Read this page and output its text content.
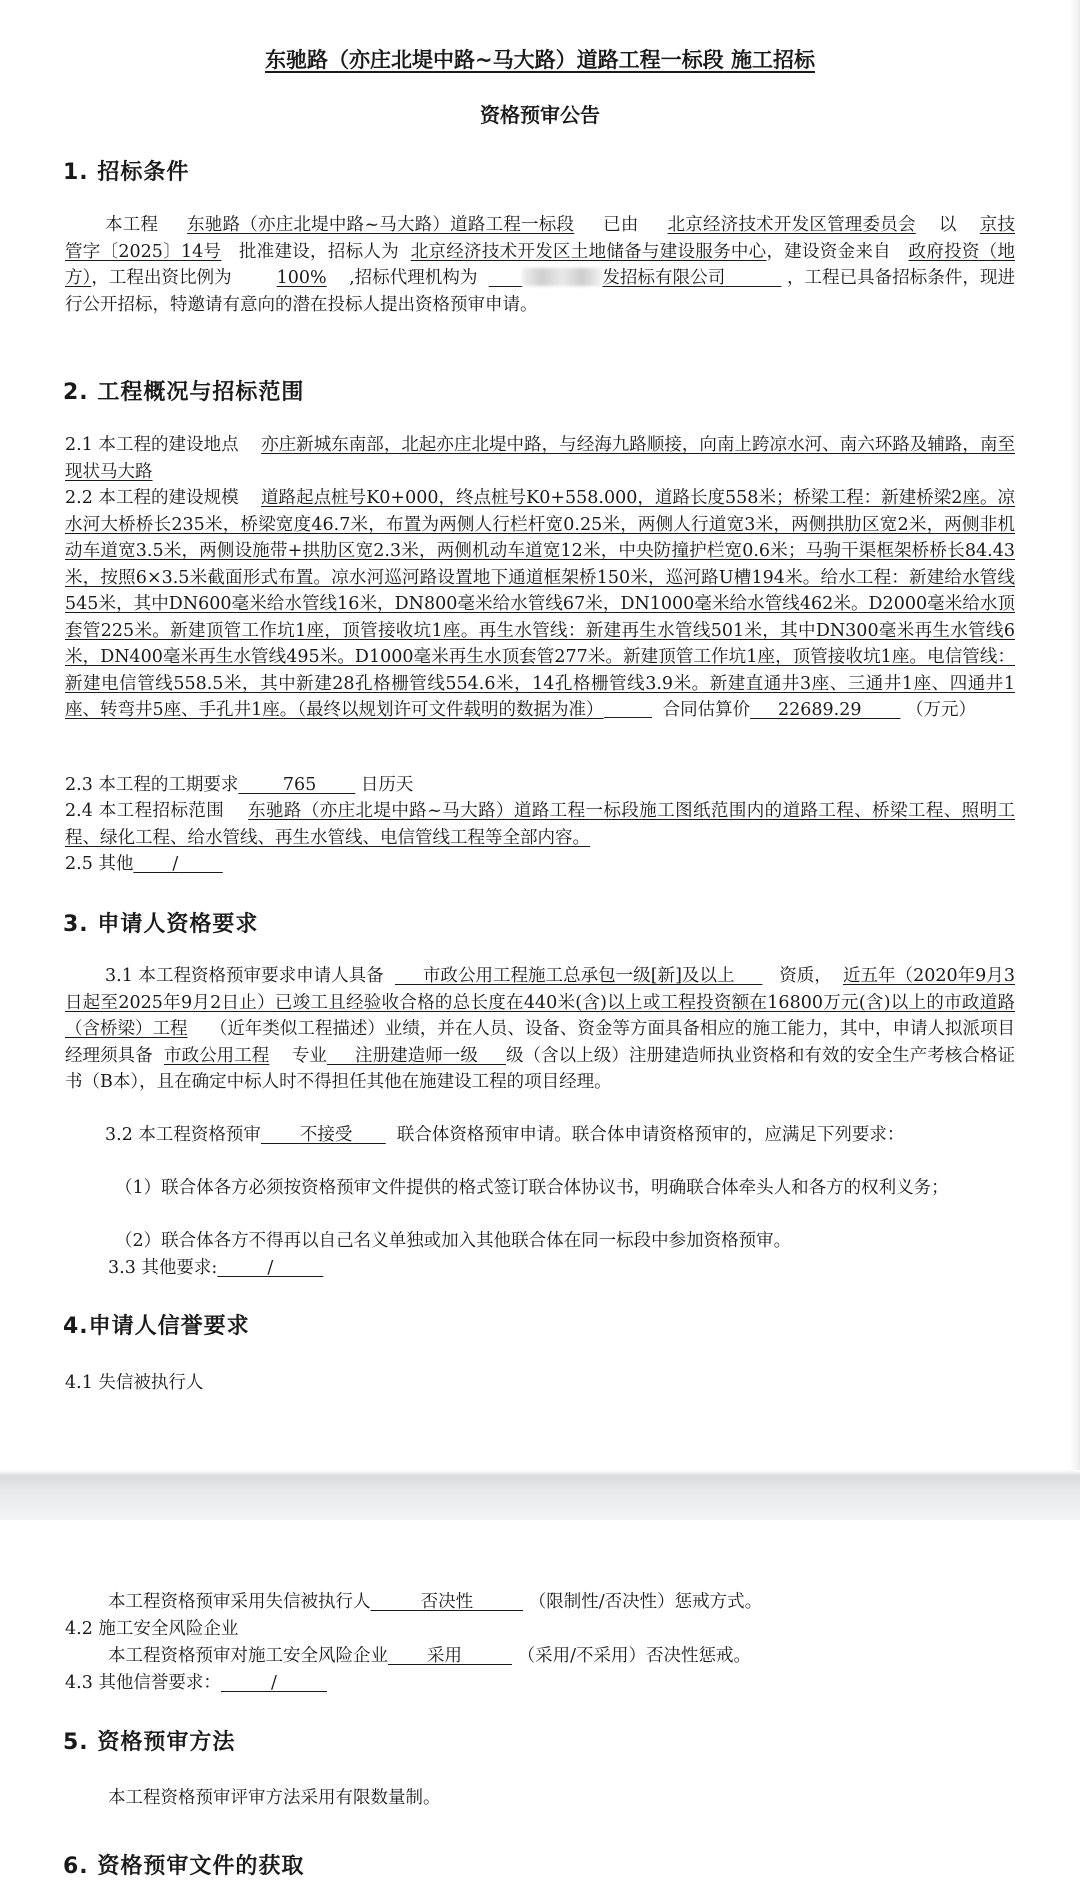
东驰路（亦庄北堤中路~马大路）道路工程一标段 施工招标
资格预审公告
1. 招标条件
本工程 东驰路（亦庄北堤中路~马大路）道路工程一标段 已由 北京经济技术开发区管理委员会 以 京技管字〔2025〕14号 批准建设，招标人为 北京经济技术开发区土地储备与建设服务中心，建设资金来自 政府投资（地方），工程出资比例为	100% ,招标代理机构为	发招标有限公司	，工程已具备招标条件，现进行公开招标，特邀请有意向的潜在投标人提出资格预审申请。
2. 工程概况与招标范围
2.1 本工程的建设地点 亦庄新城东南部，北起亦庄北堤中路，与经海九路顺接，向南上跨凉水河、南六环路及辅路，南至现状马大路
2.2 本工程的建设规模 道路起点桩号K0+000，终点桩号K0+558.000，道路长度558米；桥梁工程：新建桥梁2座。凉水河大桥桥长235米，桥梁宽度46.7米，布置为两侧人行栏杆宽0.25米，两侧人行道宽3米，两侧拱肋区宽2米，两侧非机动车道宽3.5米，两侧设施带+拱肋区宽2.3米，两侧机动车道宽12米，中央防撞护栏宽0.6米；马驹干渠框架桥桥长84.43米，按照6×3.5米截面形式布置。凉水河巡河路设置地下通道框架桥150米，巡河路U槽194米。给水工程：新建给水管线545米，其中DN600毫米给水管线16米，DN800毫米给水管线67米，DN1000毫米给水管线462米。D2000毫米给水顶套管225米。新建顶管工作坑1座，顶管接收坑1座。再生水管线：新建再生水管线501米，其中DN300毫米再生水管线6米，DN400毫米再生水管线495米。D1000毫米再生水顶套管277米。新建顶管工作坑1座，顶管接收坑1座。电信管线：新建电信管线558.5米，其中新建28孔格栅管线554.6米，14孔格栅管线3.9米。新建直通井3座、三通井1座、四通井1座、转弯井5座、手孔井1座。（最终以规划许可文件载明的数据为准）	合同估算价 22689.29	（万元）
2.3 本工程的工期要求	765	日历天
2.4 本工程招标范围 东驰路（亦庄北堤中路~马大路）道路工程一标段施工图纸范围内的道路工程、桥梁工程、照明工程、绿化工程、给水管线、再生水管线、电信管线工程等全部内容。
2.5 其他 /
3. 申请人资格要求
3.1 本工程资格预审要求申请人具备 市政公用工程施工总承包一级[新]及以上	资质， 近五年（2020年9月3日起至2025年9月2日止）已竣工且经验收合格的总长度在440米(含)以上或工程投资额在16800万元(含)以上的市政道路（含桥梁）工程 （近年类似工程描述）业绩，并在人员、设备、资金等方面具备相应的施工能力，其中，申请人拟派项目经理须具备 市政公用工程 专业 注册建造师一级 级（含以上级）注册建造师执业资格和有效的安全生产考核合格证书（B本），且在确定中标人时不得担任其他在施建设工程的项目经理。
3.2 本工程资格预审 不接受	联合体资格预审申请。联合体申请资格预审的，应满足下列要求：
（1）联合体各方必须按资格预审文件提供的格式签订联合体协议书，明确联合体牵头人和各方的权利义务；
（2）联合体各方不得再以自己名义单独或加入其他联合体在同一标段中参加资格预审。
3.3 其他要求:	/
4.申请人信誉要求
4.1 失信被执行人
本工程资格预审采用失信被执行人	否决性	（限制性/否决性）惩戒方式。
4.2 施工安全风险企业
本工程资格预审对施工安全风险企业 采用	（采用/不采用）否决性惩戒。
4.3 其他信誉要求：	/
5. 资格预审方法
本工程资格预审评审方法采用有限数量制。
6. 资格预审文件的获取
